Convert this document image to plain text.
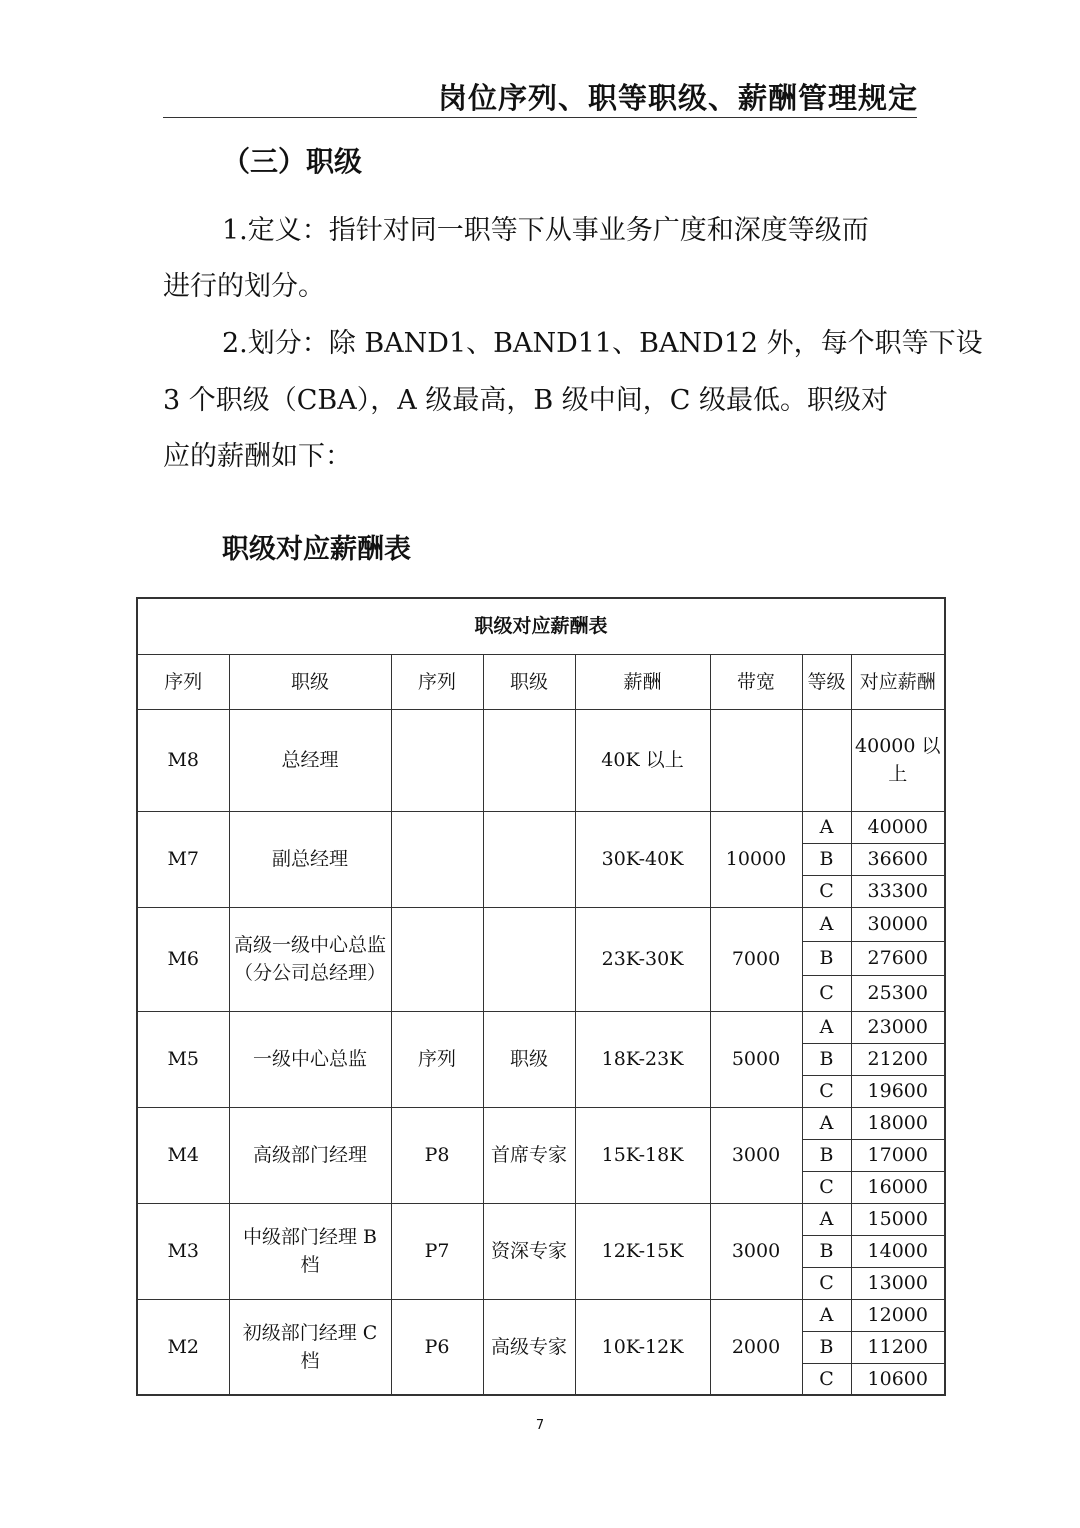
岗位序列、职等职级、薪酬管理规定
（三）职级
1.定义：指针对同一职等下从事业务广度和深度等级而
进行的划分。
2.划分：除 BAND1、BAND11、BAND12 外，每个职等下设
3 个职级（CBA），A 级最高，B 级中间，C 级最低。职级对
应的薪酬如下：
职级对应薪酬表
职级对应薪酬表							
序列	职级	序列	职级	薪酬	带宽	等级	对应薪酬
M8	总经理			40K 以上			40000 以上
M7	副总经理			30K-40K	10000	A	40000
						B	36600
						C	33300
M6	高级一级中心总监（分公司总经理）			23K-30K	7000	A	30000
						B	27600
						C	25300
M5	一级中心总监	序列	职级	18K-23K	5000	A	23000
						B	21200
						C	19600
M4	高级部门经理	P8	首席专家	15K-18K	3000	A	18000
						B	17000
						C	16000
M3	中级部门经理 B 档	P7	资深专家	12K-15K	3000	A	15000
						B	14000
						C	13000
M2	初级部门经理 C 档	P6	高级专家	10K-12K	2000	A	12000
						B	11200
						C	10600
7
